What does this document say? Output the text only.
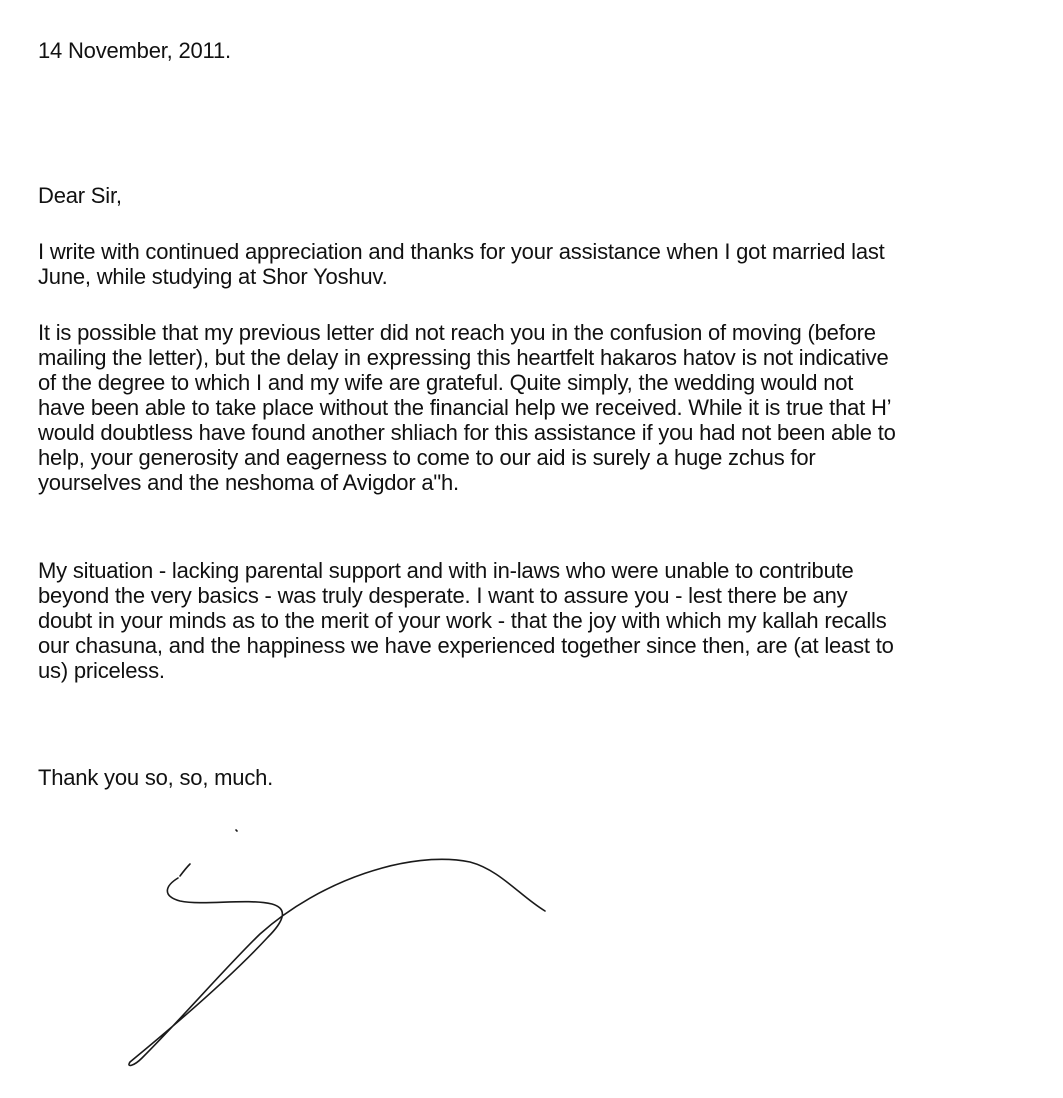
14 November, 2011.

Dear Sir,

I write with continued appreciation and thanks for your assistance when I got married last
June, while studying at Shor Yoshuv.

It is possible that my previous letter did not reach you in the confusion of moving (before
mailing the letter), but the delay in expressing this heartfelt hakaros hatov is not indicative
of the degree to which I and my wife are grateful. Quite simply, the wedding would not
have been able to take place without the financial help we received. While it is true that H’
would doubtless have found another shliach for this assistance if you had not been able to
help, your generosity and eagerness to come to our aid is surely a huge zchus for
yourselves and the neshoma of Avigdor a"h.

My situation - lacking parental support and with in-laws who were unable to contribute
beyond the very basics - was truly desperate. I want to assure you - lest there be any
doubt in your minds as to the merit of your work - that the joy with which my kallah recalls
our chasuna, and the happiness we have experienced together since then, are (at least to
us) priceless.

Thank you so, so, much.
